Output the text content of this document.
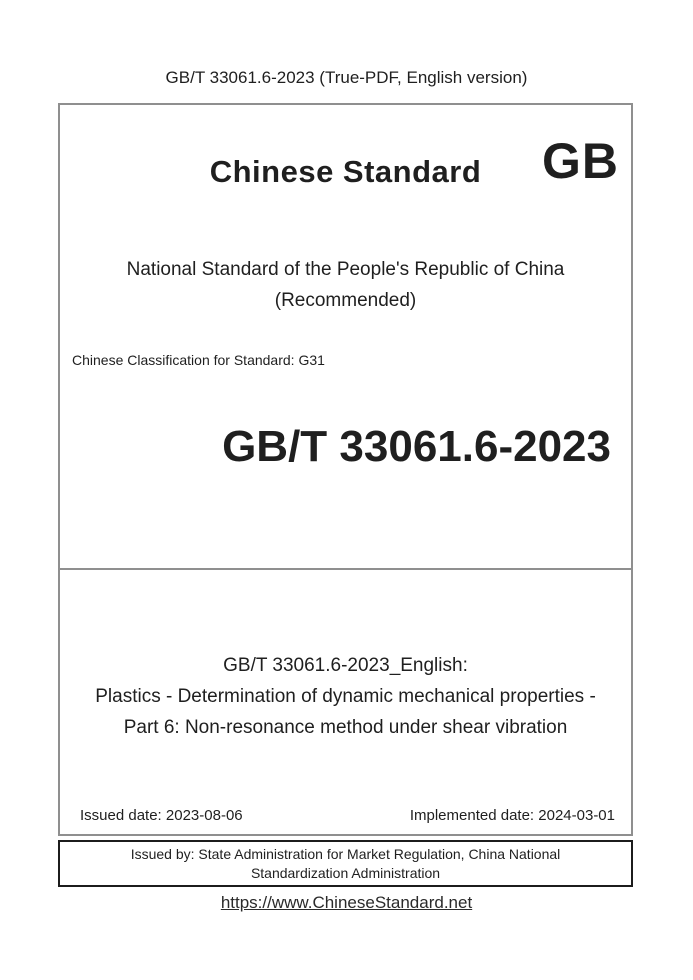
GB/T 33061.6-2023 (True-PDF, English version)
Chinese Standard	GB
National Standard of the People's Republic of China
(Recommended)
Chinese Classification for Standard: G31
GB/T 33061.6-2023
GB/T 33061.6-2023_English:
Plastics - Determination of dynamic mechanical properties -
Part 6: Non-resonance method under shear vibration
Issued date: 2023-08-06	Implemented date: 2024-03-01
Issued by: State Administration for Market Regulation, China National Standardization Administration
https://www.ChineseStandard.net
